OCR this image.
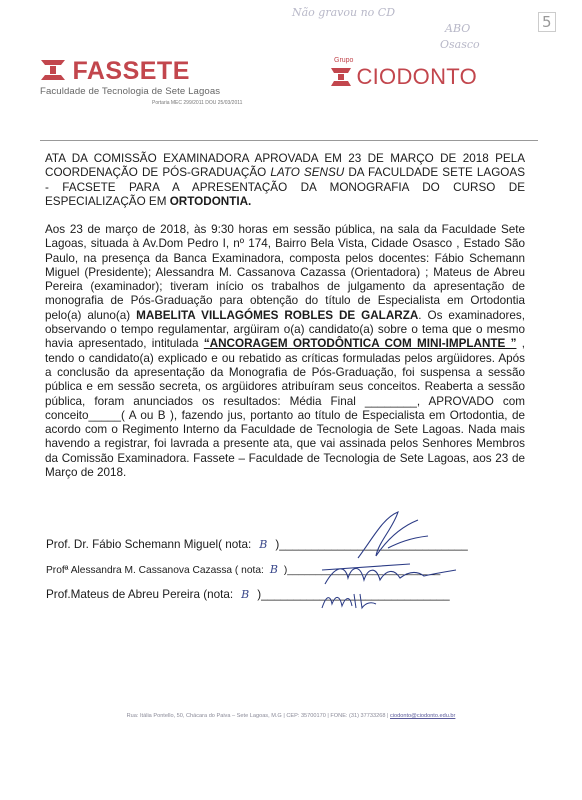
Não gravou no CD
ABO
Osasco
5
FASSETE
Faculdade de Tecnologia de Sete Lagoas
Portaria MEC 299/2011 DOU 25/03/2011
Grupo
CIODONTO
ATA DA COMISSÃO EXAMINADORA APROVADA EM 23 DE MARÇO DE 2018 PELA COORDENAÇÃO DE PÓS-GRADUAÇÃO LATO SENSU DA FACULDADE SETE LAGOAS - FACSETE PARA A APRESENTAÇÃO DA MONOGRAFIA DO CURSO DE ESPECIALIZAÇÃO EM ORTODONTIA.
Aos 23 de março de 2018, às 9:30 horas em sessão pública, na sala da Faculdade Sete Lagoas, situada à Av.Dom Pedro I, nº 174, Bairro Bela Vista, Cidade Osasco , Estado São Paulo, na presença da Banca Examinadora, composta pelos docentes: Fábio Schemann Miguel (Presidente); Alessandra M. Cassanova Cazassa (Orientadora) ; Mateus de Abreu Pereira (examinador); tiveram início os trabalhos de julgamento da apresentação de monografia de Pós-Graduação para obtenção do título de Especialista em Ortodontia pelo(a) aluno(a) MABELITA VILLAGÓMES ROBLES DE GALARZA. Os examinadores, observando o tempo regulamentar, argüiram o(a) candidato(a) sobre o tema que o mesmo havia apresentado, intitulada “ANCORAGEM ORTODÔNTICA COM MINI-IMPLANTE ” , tendo o candidato(a) explicado e ou rebatido as críticas formuladas pelos argüidores. Após a conclusão da apresentação da Monografia de Pós-Graduação, foi suspensa a sessão pública e em sessão secreta, os argüidores atribuíram seus conceitos. Reaberta a sessão pública, foram anunciados os resultados: Média Final ________, APROVADO com conceito_____( A ou B ), fazendo jus, portanto ao título de Especialista em Ortodontia, de acordo com o Regimento Interno da Faculdade de Tecnologia de Sete Lagoas. Nada mais havendo a registrar, foi lavrada a presente ata, que vai assinada pelos Senhores Membros da Comissão Examinadora. Fassete – Faculdade de Tecnologia de Sete Lagoas, aos 23 de Março de 2018.
Prof. Dr. Fábio Schemann Miguel( nota: B )_____________________________
Profª Alessandra M. Cassanova Cazassa ( nota: B )___________________________
Prof.Mateus de Abreu Pereira (nota: B )_____________________________
Rua: Itália Pontello, 50, Chácara do Paiva – Sete Lagoas, M.G | CEP: 35700170 | FONE: (31) 37733268 | ciodonto@ciodonto.edu.br
